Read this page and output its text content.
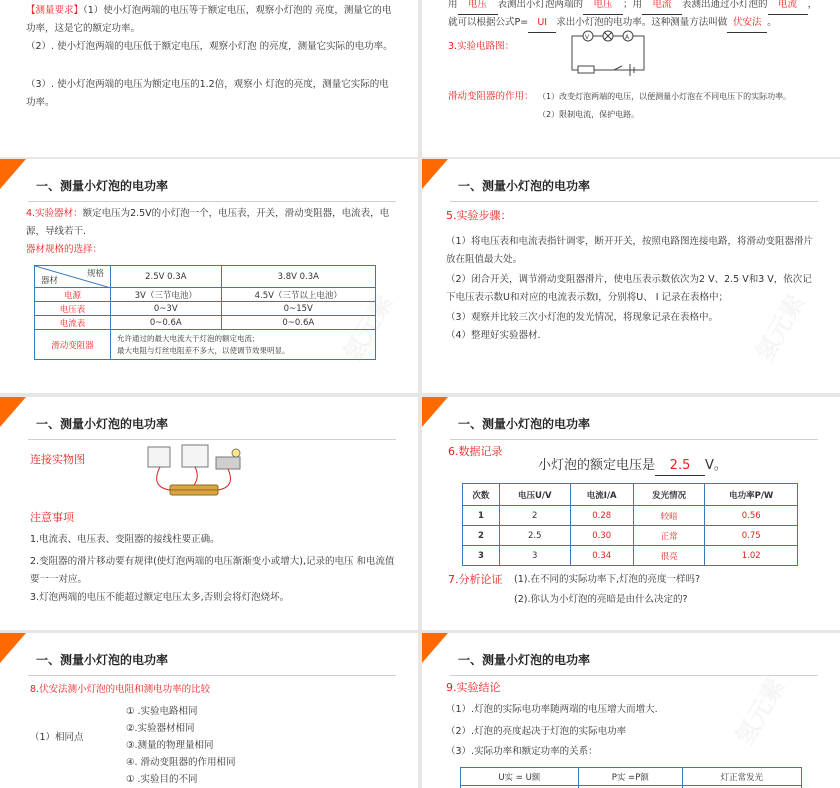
【测量要求】（1）使小灯泡两端的电压等于额定电压，观察小灯泡的 亮度，测量它的电功率，这是它的额定功率。
（2）. 使小灯泡两端的电压低于额定电压，观察小灯泡 的亮度，测量它实际的电功率。
（3）. 使小灯泡两端的电压为额定电压的1.2倍，观察小 灯泡的亮度，测量它实际的电功率。
用 电压 表测出小灯泡两端的 电压 ；用 电流 表测出通过小灯泡的 电流 ，
就可以根据公式P= UI 求出小灯泡的电功率。这种测量方法叫做 伏安法 。
3.实验电路图：
V	A
滑动变阻器的作用： （1）改变灯泡两端的电压，以便测量小灯泡在不同电压下的实际功率。
（2）限制电流，保护电路。
一、测量小灯泡的电功率
4.实验器材：额定电压为2.5V的小灯泡一个，电压表，开关，滑动变阻器，电流表，电源，导线若干.
器材规格的选择：
规格
器材	2.5V 0.3A	3.8V 0.3A
电源	3V（三节电池）	4.5V（三节以上电池）
电压表	0~3V	0~15V
电流表	0~0.6A	0~0.6A
滑动变阻器	允许通过的最大电流大于灯泡的额定电流；
最大电阻与灯丝电阻差不多大，以使调节效果明显。	
一、测量小灯泡的电功率
5.实验步骤：
（1）将电压表和电流表指针调零，断开开关，按照电路图连接电路，将滑动变阻器滑片放在阻值最大处。
（2）闭合开关，调节滑动变阻器滑片，使电压表示数依次为2 V、2.5 V和3 V，依次记下电压表示数U和对应的电流表示数I，分别将U、 I 记录在表格中；
（3）观察并比较三次小灯泡的发光情况，将现象记录在表格中。
（4）整理好实验器材.
一、测量小灯泡的电功率
连接实物图
注意事项
1.电流表、电压表、变阻器的接线柱要正确。
2.变阻器的滑片移动要有规律(使灯泡两端的电压渐渐变小或增大),记录的电压 和电流值要一一对应。
3.灯泡两端的电压不能超过额定电压太多,否则会将灯泡烧坏。
一、测量小灯泡的电功率
6.数据记录
小灯泡的额定电压是 2.5 V。
次数	电压U/V	电流I/A	发光情况	电功率P/W
1	2	0.28	较暗	0.56
2	2.5	0.30	正常	0.75
3	3	0.34	很亮	1.02
7.分析论证 (1).在不同的实际功率下,灯泡的亮度一样吗?
(2).你认为小灯泡的亮暗是由什么决定的?
一、测量小灯泡的电功率
8.伏安法测小灯泡的电阻和测电功率的比较
（1）相同点
① .实验电路相同
②.实验器材相同
③.测量的物理量相同
④. 滑动变阻器的作用相同
① .实验目的不同
一、测量小灯泡的电功率
9.实验结论
（1）.灯泡的实际电功率随两端的电压增大而增大.
（2）.灯泡的亮度起决于灯泡的实际电功率
（3）.实际功率和额定功率的关系：
U实 = U额	P实 =P额	灯正常发光
